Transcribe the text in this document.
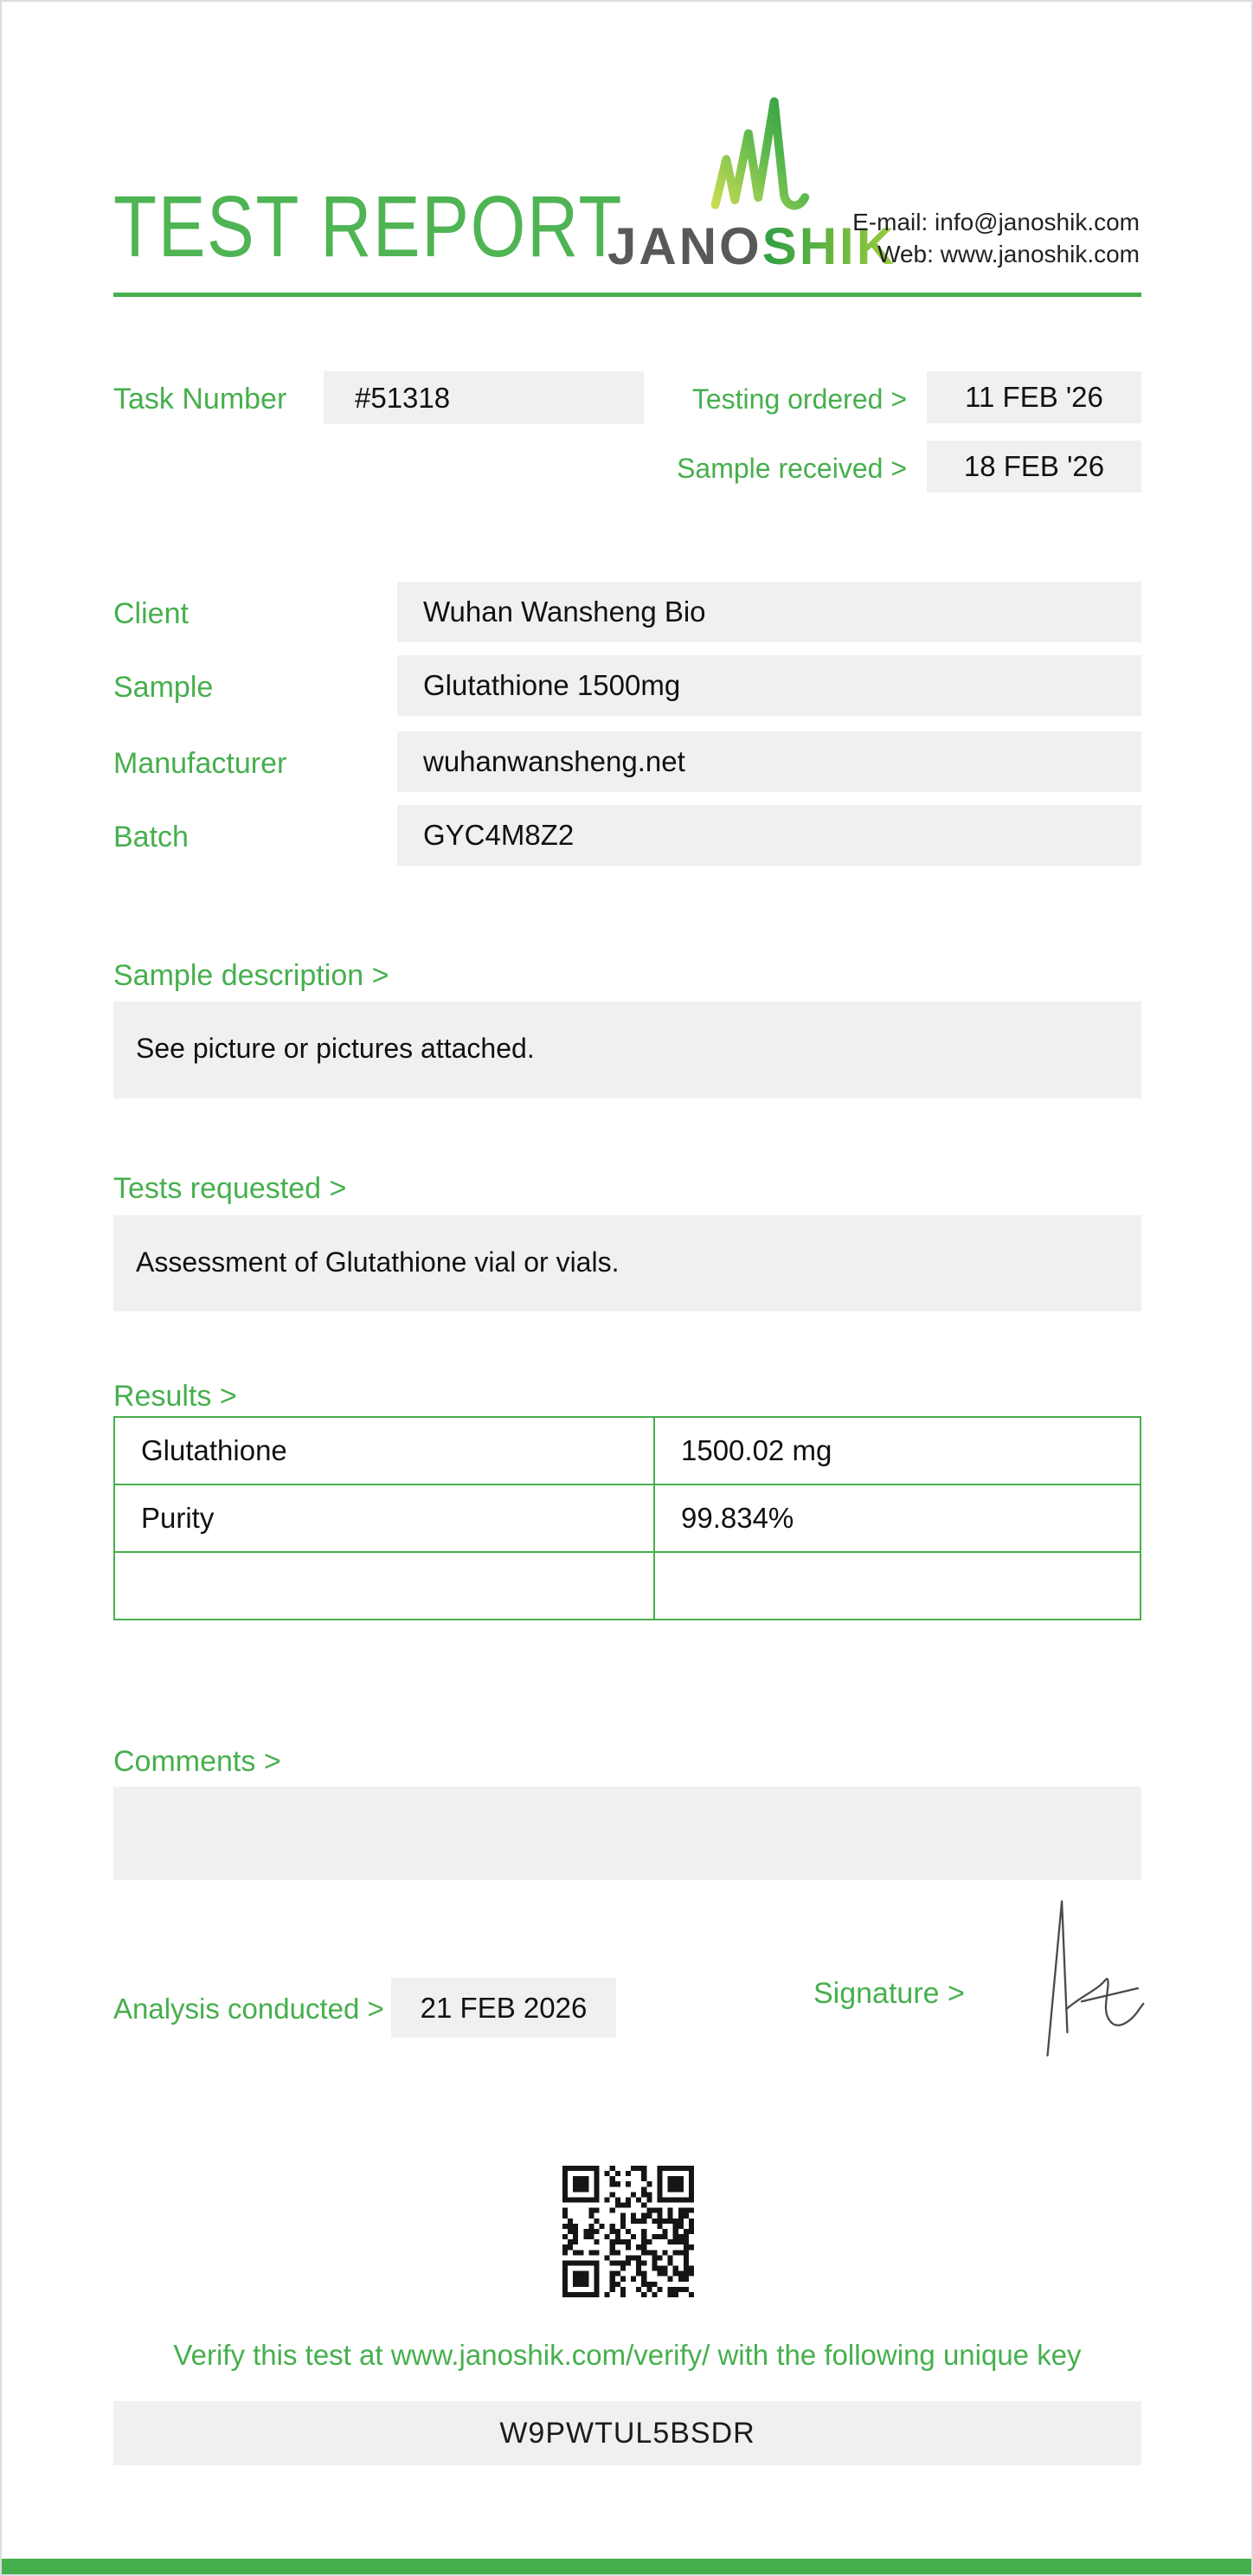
TEST REPORT
JANOSHIK
E-mail: info@janoshik.com
Web: www.janoshik.com
Task Number	#51318	Testing ordered >	11 FEB '26
Sample received >	18 FEB '26
Client	Wuhan Wansheng Bio
Sample	Glutathione 1500mg
Manufacturer	wuhanwansheng.net
Batch	GYC4M8Z2
Sample description >
See picture or pictures attached.
Tests requested >
Assessment of Glutathione vial or vials.
Results >
Glutathione	1500.02 mg
Purity	99.834%

Comments >
Analysis conducted >	21 FEB 2026	Signature >
Verify this test at www.janoshik.com/verify/ with the following unique key
W9PWTUL5BSDR
